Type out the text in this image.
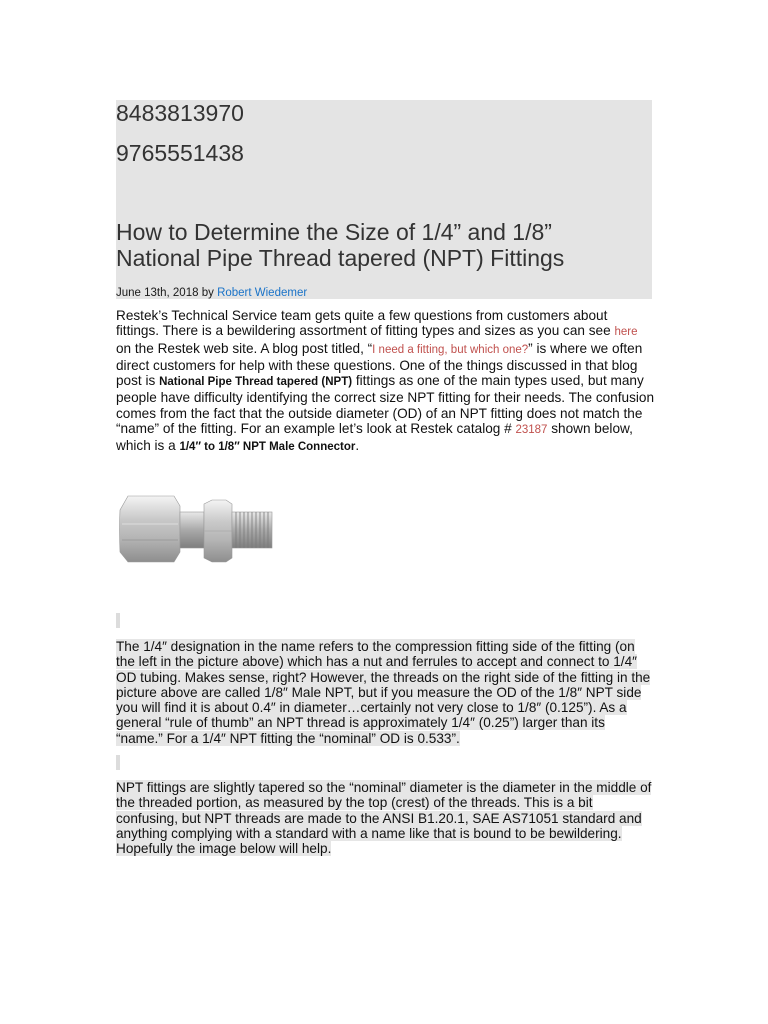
8483813970
9765551438
How to Determine the Size of 1/4” and 1/8” National Pipe Thread tapered (NPT) Fittings
June 13th, 2018 by Robert Wiedemer

Restek’s Technical Service team gets quite a few questions from customers about fittings. There is a bewildering assortment of fitting types and sizes as you can see here on the Restek web site. A blog post titled, “I need a fitting, but which one?” is where we often direct customers for help with these questions. One of the things discussed in that blog post is National Pipe Thread tapered (NPT) fittings as one of the main types used, but many people have difficulty identifying the correct size NPT fitting for their needs. The confusion comes from the fact that the outside diameter (OD) of an NPT fitting does not match the “name” of the fitting. For an example let’s look at Restek catalog # 23187 shown below, which is a 1/4″ to 1/8″ NPT Male Connector.

The 1/4″ designation in the name refers to the compression fitting side of the fitting (on the left in the picture above) which has a nut and ferrules to accept and connect to 1/4″ OD tubing. Makes sense, right? However, the threads on the right side of the fitting in the picture above are called 1/8″ Male NPT, but if you measure the OD of the 1/8″ NPT side you will find it is about 0.4″ in diameter…certainly not very close to 1/8″ (0.125”). As a general “rule of thumb” an NPT thread is approximately 1/4″ (0.25”) larger than its “name.” For a 1/4″ NPT fitting the “nominal” OD is 0.533”.

NPT fittings are slightly tapered so the “nominal” diameter is the diameter in the middle of the threaded portion, as measured by the top (crest) of the threads. This is a bit confusing, but NPT threads are made to the ANSI B1.20.1, SAE AS71051 standard and anything complying with a standard with a name like that is bound to be bewildering. Hopefully the image below will help.
